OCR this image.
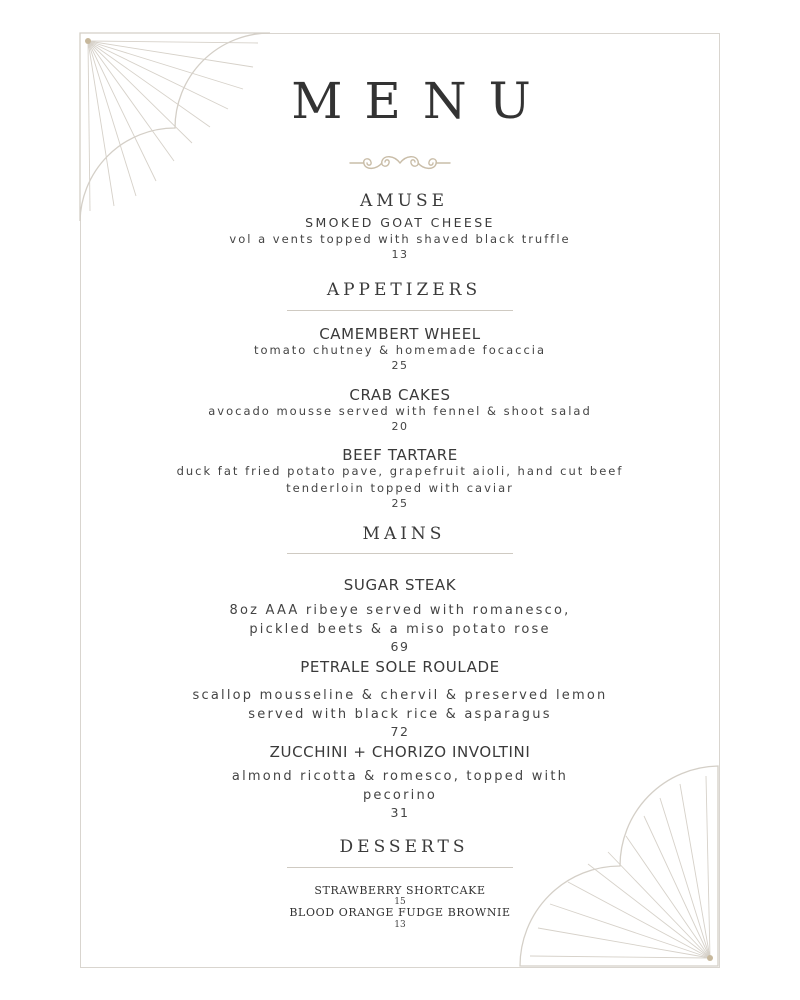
MENU
AMUSE
SMOKED GOAT CHEESE
vol a vents topped with shaved black truffle
13
APPETIZERS
CAMEMBERT WHEEL
tomato chutney & homemade focaccia
25
CRAB CAKES
avocado mousse served with fennel & shoot salad
20
BEEF TARTARE
duck fat fried potato pave, grapefruit aioli, hand cut beef
tenderloin topped with caviar
25
MAINS
SUGAR STEAK
8oz AAA ribeye served with romanesco,
pickled beets & a miso potato rose
69
PETRALE SOLE ROULADE
scallop mousseline & chervil & preserved lemon
served with black rice & asparagus
72
ZUCCHINI + CHORIZO INVOLTINI
almond ricotta & romesco, topped with
pecorino
31
DESSERTS
STRAWBERRY SHORTCAKE
15
BLOOD ORANGE FUDGE BROWNIE
13
